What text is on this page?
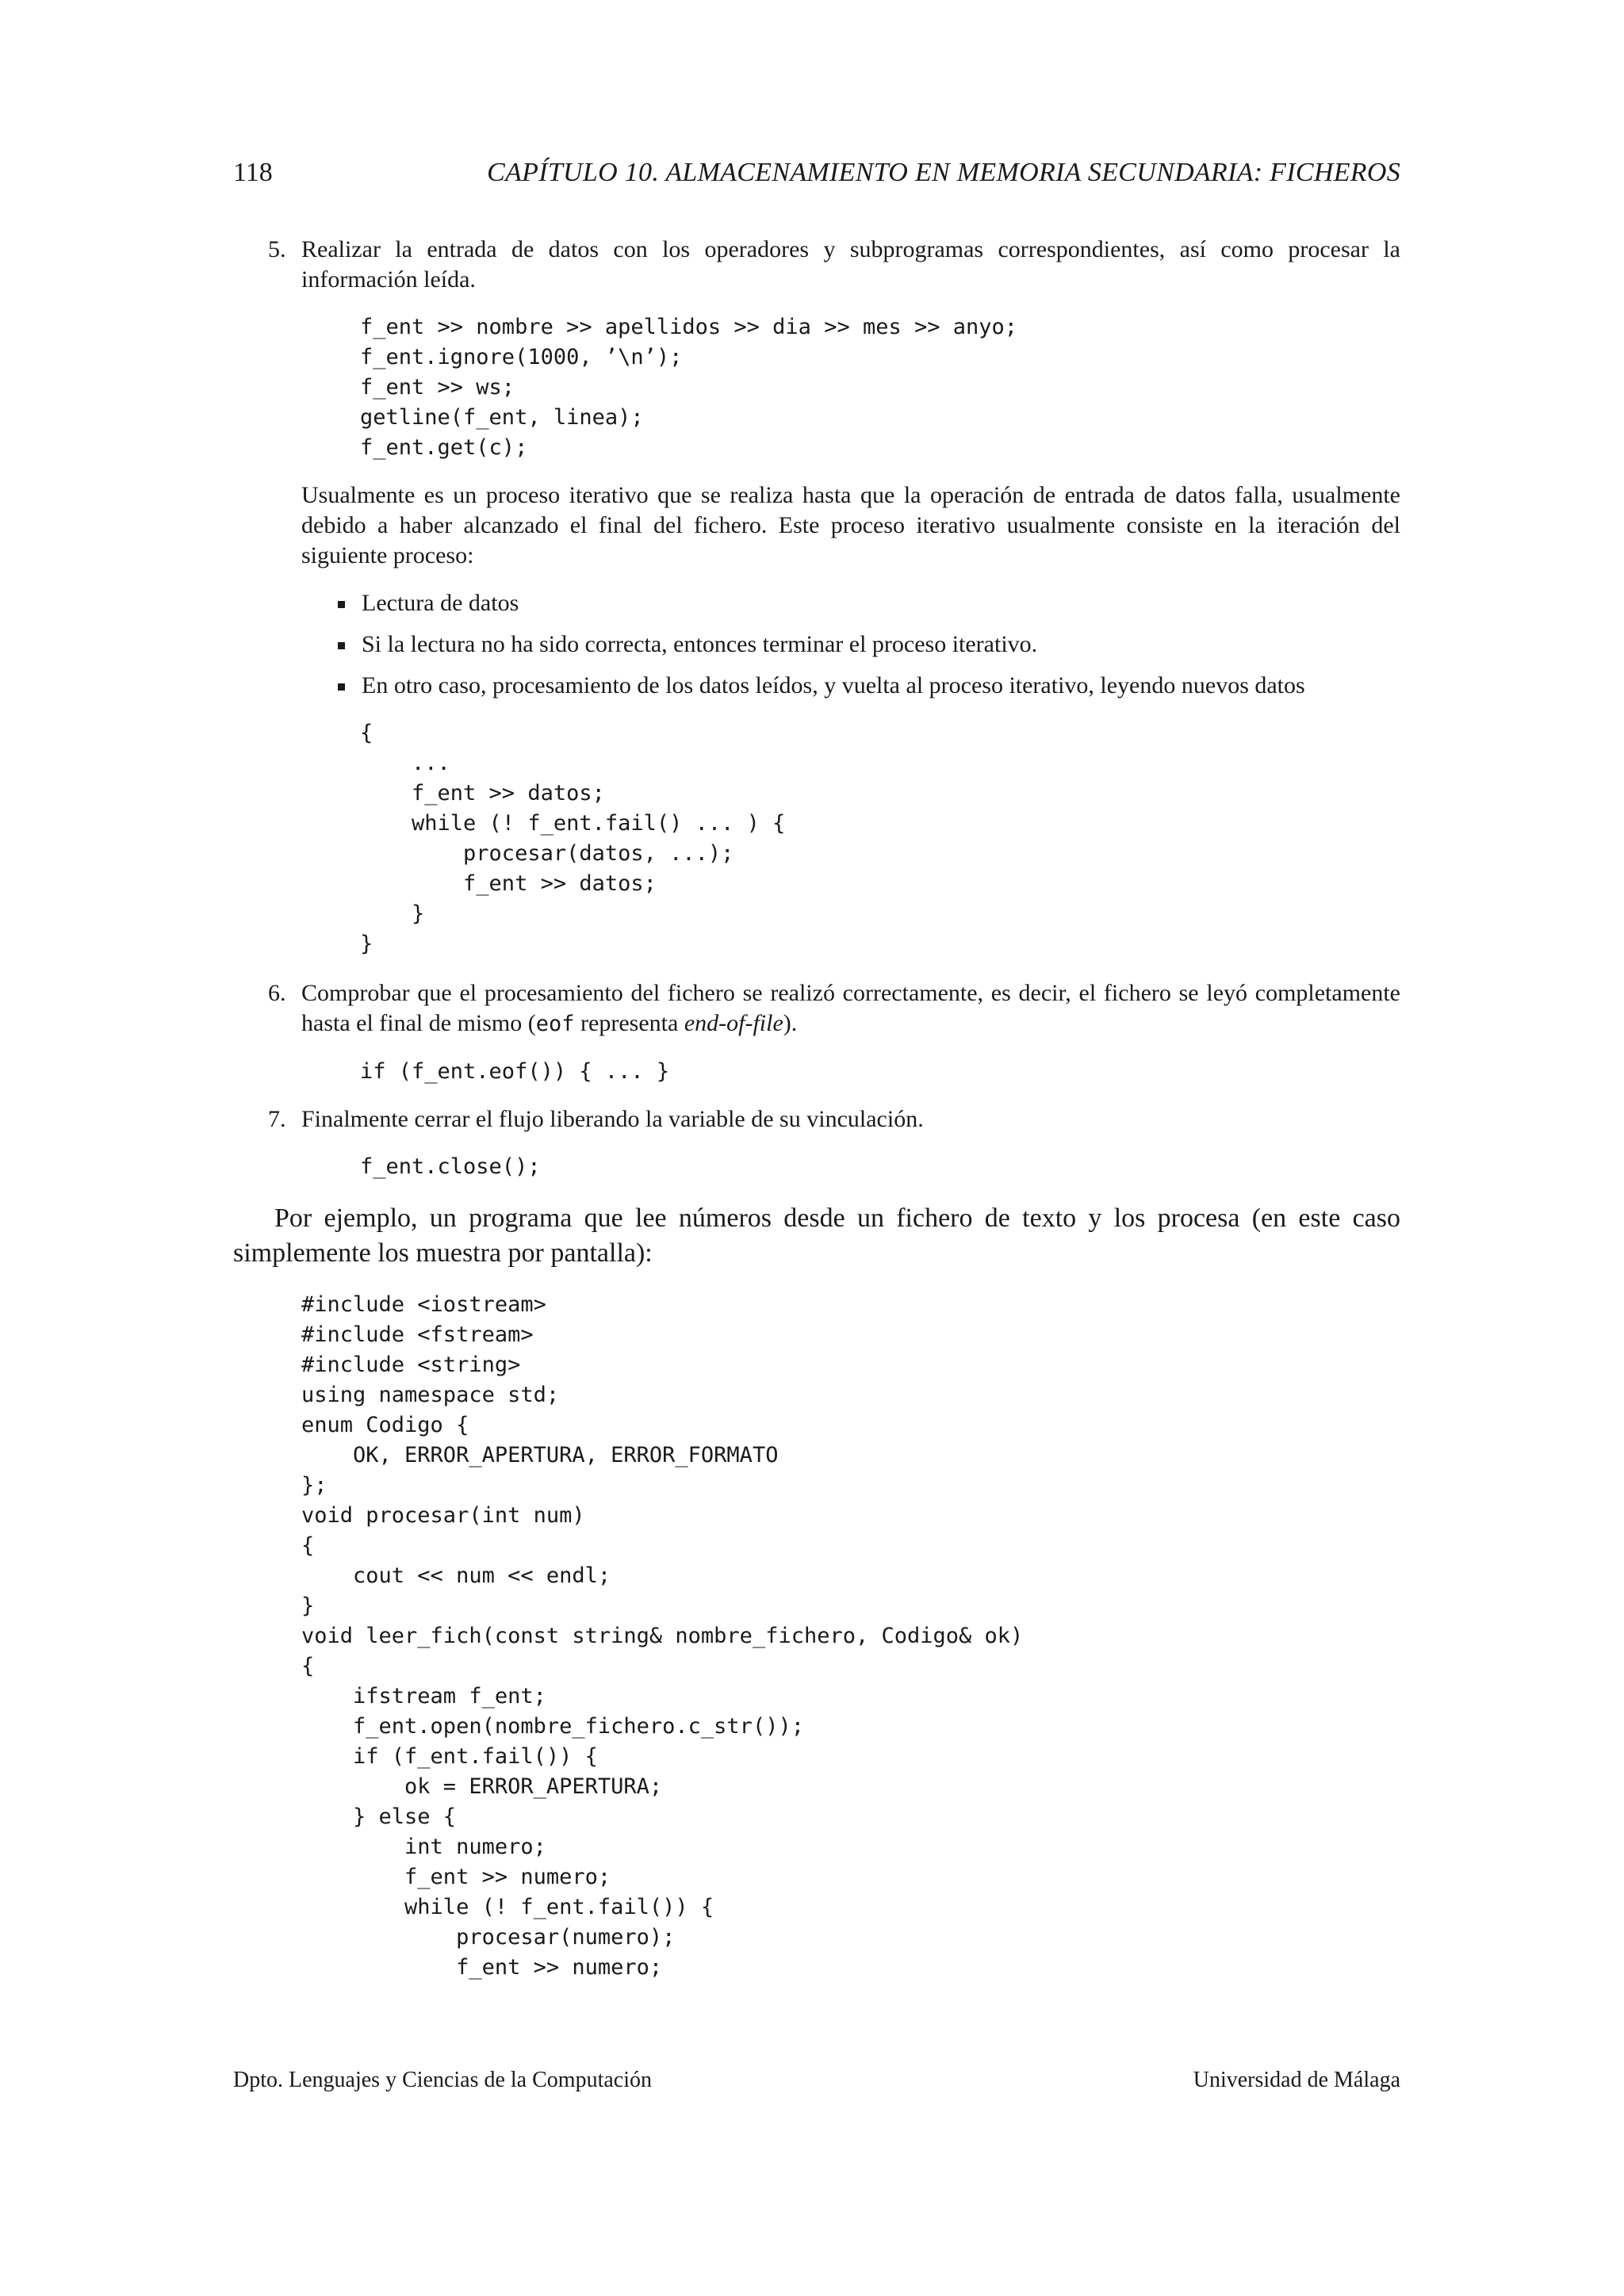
118	CAPÍTULO 10. ALMACENAMIENTO EN MEMORIA SECUNDARIA: FICHEROS
5. Realizar la entrada de datos con los operadores y subprogramas correspondientes, así como procesar la información leída.

f_ent >> nombre >> apellidos >> dia >> mes >> anyo;
f_ent.ignore(1000, ’\n’);
f_ent >> ws;
getline(f_ent, linea);
f_ent.get(c);

Usualmente es un proceso iterativo que se realiza hasta que la operación de entrada de datos falla, usualmente debido a haber alcanzado el final del fichero. Este proceso iterativo usualmente consiste en la iteración del siguiente proceso:

Lectura de datos
Si la lectura no ha sido correcta, entonces terminar el proceso iterativo.
En otro caso, procesamiento de los datos leídos, y vuelta al proceso iterativo, leyendo nuevos datos
{
...
f_ent >> datos;
while (! f_ent.fail() ... ) {
procesar(datos, ...);
f_ent >> datos;
}
}
6. Comprobar que el procesamiento del fichero se realizó correctamente, es decir, el fichero se leyó completamente hasta el final de mismo (eof representa end-of-file).

if (f_ent.eof()) { ... }
7. Finalmente cerrar el flujo liberando la variable de su vinculación.

f_ent.close();

Por ejemplo, un programa que lee números desde un fichero de texto y los procesa (en este caso simplemente los muestra por pantalla):

#include <iostream>
#include <fstream>
#include <string>
using namespace std;
enum Codigo {
OK, ERROR_APERTURA, ERROR_FORMATO
};
void procesar(int num)
{
cout << num << endl;
}
void leer_fich(const string& nombre_fichero, Codigo& ok)
{
ifstream f_ent;
f_ent.open(nombre_fichero.c_str());
if (f_ent.fail()) {
ok = ERROR_APERTURA;
} else {
int numero;
f_ent >> numero;
while (! f_ent.fail()) {
procesar(numero);
f_ent >> numero;
Dpto. Lenguajes y Ciencias de la Computación	Universidad de Málaga
